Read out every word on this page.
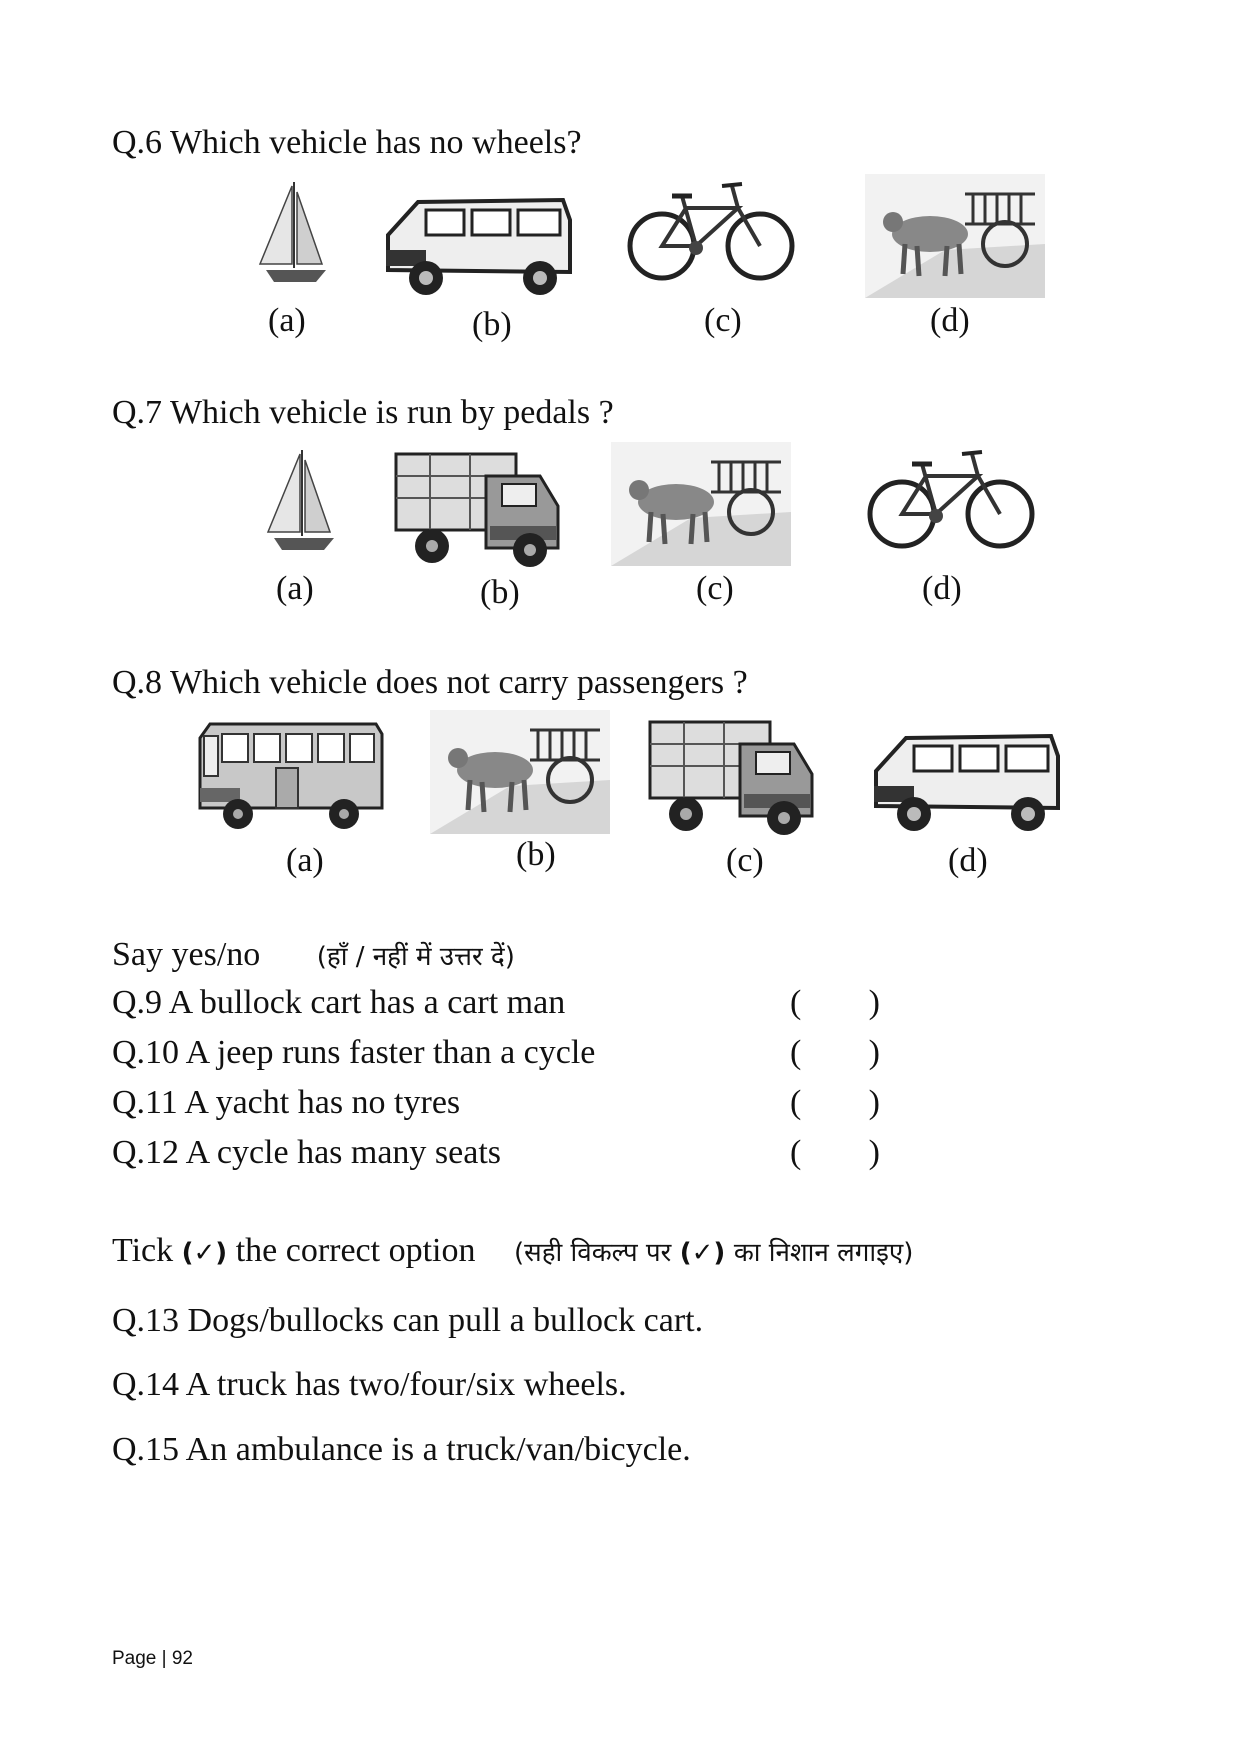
Q.6 Which vehicle has no wheels?
(a)	(b)	(c)	(d)
Q.7 Which vehicle is run by pedals ?
(a)	(b)	(c)	(d)
Q.8 Which vehicle does not carry passengers ?
(a)	(b)	(c)	(d)
Say yes/no (हाँ / नहीं में उत्तर दें)
Q.9 A bullock cart has a cart man	( )
Q.10 A jeep runs faster than a cycle	( )
Q.11 A yacht has no tyres	( )
Q.12 A cycle has many seats	( )
Tick (✓) the correct option (सही विकल्प पर (✓) का निशान लगाइए)
Q.13 Dogs/bullocks can pull a bullock cart.
Q.14 A truck has two/four/six wheels.
Q.15 An ambulance is a truck/van/bicycle.
Page | 92
